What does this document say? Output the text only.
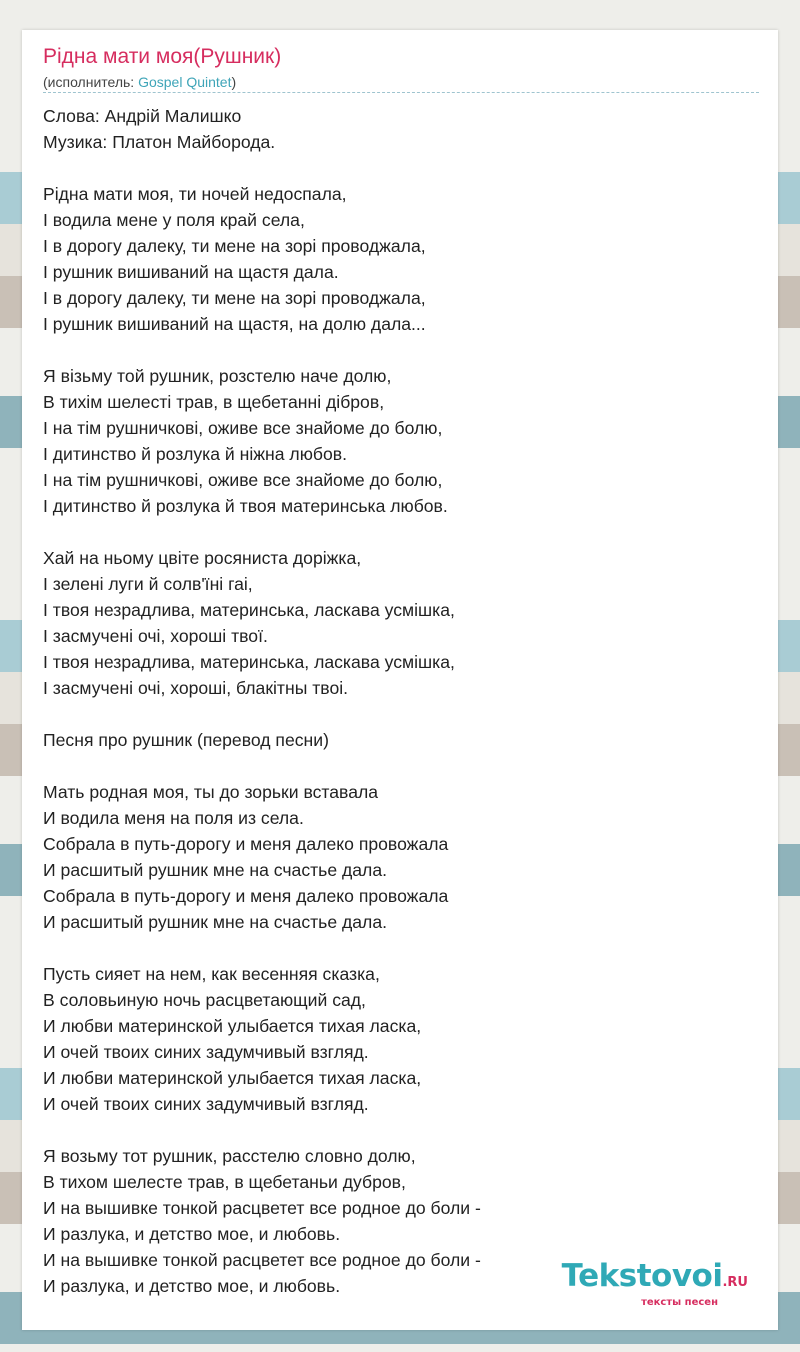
Рідна мати моя(Рушник)
(исполнитель: Gospel Quintet)
Слова: Андрій Малишко
Музика: Платон Майборода.
Рідна мати моя, ти ночей недоспала,
І водила мене у поля край села,
І в дорогу далеку, ти мене на зорі проводжала,
І рушник вишиваний на щастя дала.
І в дорогу далеку, ти мене на зорі проводжала,
І рушник вишиваний на щастя, на долю дала...
Я візьму той рушник, розстелю наче долю,
В тихім шелесті трав, в щебетанні дібров,
І на тім рушничкові, оживе все знайоме до болю,
І дитинство й розлука й ніжна любов.
І на тім рушничкові, оживе все знайоме до болю,
І дитинство й розлука й твоя материнська любов.
Хай на ньому цвіте росяниста доріжка,
І зелені луги й солв'їні гаі,
І твоя незрадлива, материнська, ласкава усмішка,
І засмучені очі, хороші твої.
І твоя незрадлива, материнська, ласкава усмішка,
І засмучені очі, хороші, блакітны твоі.
Песня про рушник (перевод песни)
Мать родная моя, ты до зорьки вставала
И водила меня на поля из села.
Собрала в путь-дорогу и меня далеко провожала
И расшитый рушник мне на счастье дала.
Собрала в путь-дорогу и меня далеко провожала
И расшитый рушник мне на счастье дала.
Пусть сияет на нем, как весенняя сказка,
В соловьиную ночь расцветающий сад,
И любви материнской улыбается тихая ласка,
И очей твоих синих задумчивый взгляд.
И любви материнской улыбается тихая ласка,
И очей твоих синих задумчивый взгляд.
Я возьму тот рушник, расстелю словно долю,
В тихом шелесте трав, в щебетаньи дубров,
И на вышивке тонкой расцветет все родное до боли -
И разлука, и детство мое, и любовь.
И на вышивке тонкой расцветет все родное до боли -
И разлука, и детство мое, и любовь.	Tekstovoi.RU
тексты песен
